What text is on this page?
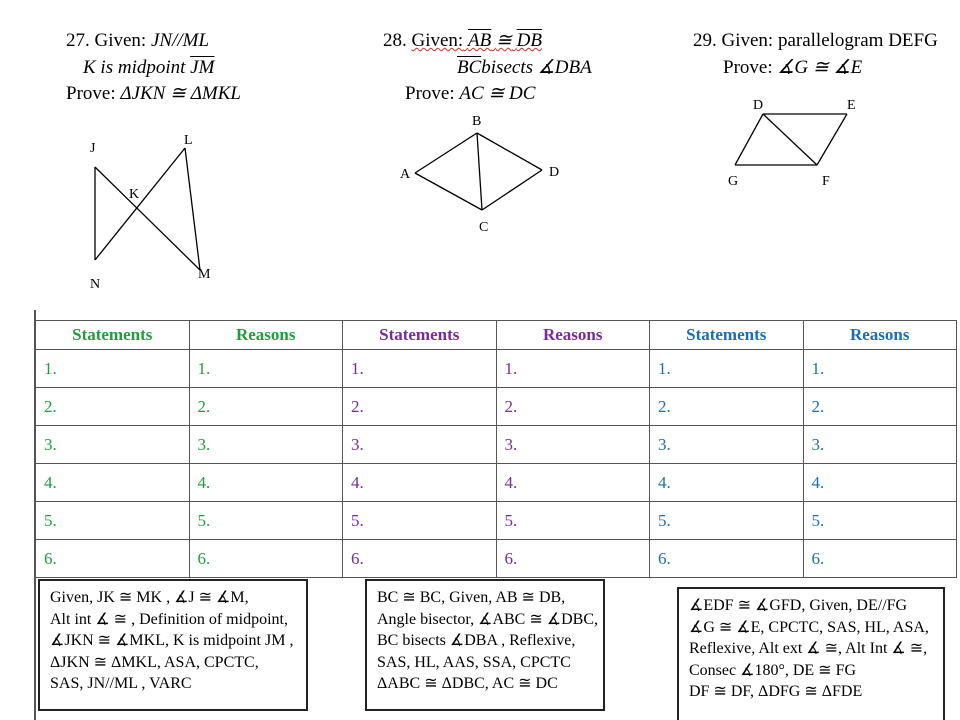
27. Given: JN//ML
K is midpoint $\overline{JM}$
Prove: ΔJKN ≅ ΔMKL
J
L
K
N
M
28. Given: AB ≅ DB
$\overline{BC}bisects$ ∡DBA
Prove: AC ≅ DC
B
A	D
C
29. Given: parallelogram DEFG
Prove: ∡G ≅ ∡E
D	E
G	F
Statements	Reasons	Statements	Reasons	Statements	Reasons
1.	1.	1.	1.	1.	1.
2.	2.	2.	2.	2.	2.
3.	3.	3.	3.	3.	3.
4.	4.	4.	4.	4.	4.
5.	5.	5.	5.	5.	5.
6.	6.	6.	6.	6.	6.
Given, JK ≅ MK , ∡J ≅ ∡M,
Alt int ∡ ≅ , Definition of midpoint,
∡JKN ≅ ∡MKL, K is midpoint JM ,
ΔJKN ≅ ΔMKL, ASA, CPCTC,
SAS, JN//ML , VARC
BC ≅ BC, Given, AB ≅ DB,
Angle bisector, ∡ABC ≅ ∡DBC,
BC bisects ∡DBA , Reflexive,
SAS, HL, AAS, SSA, CPCTC
ΔABC ≅ ΔDBC, AC ≅ DC
∡EDF ≅ ∡GFD, Given, DE//FG
∡G ≅ ∡E, CPCTC, SAS, HL, ASA,
Reflexive, Alt ext ∡ ≅, Alt Int ∡ ≅,
Consec ∡180°, DE ≅ FG
DF ≅ DF, ΔDFG ≅ ΔFDE
